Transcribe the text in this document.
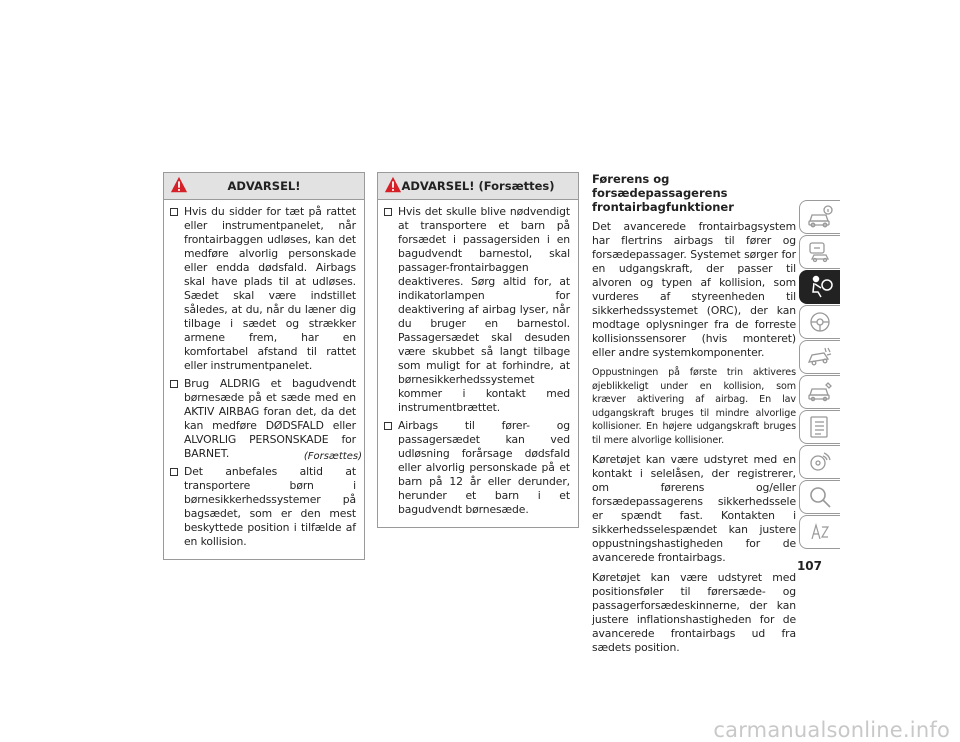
ADVARSEL!
Hvis du sidder for tæt på rattet eller instrumentpanelet, når frontairbaggen udløses, kan det medføre alvorlig personskade eller endda dødsfald. Airbags skal have plads til at udløses. Sædet skal være indstillet således, at du, når du læner dig tilbage i sædet og strækker armene frem, har en komfortabel afstand til rattet eller instrumentpanelet.
Brug ALDRIG et bagudvendt børnesæde på et sæde med en AKTIV AIRBAG foran det, da det kan medføre DØDSFALD eller ALVORLIG PERSONSKADE for BARNET.
Det anbefales altid at transportere børn i børnesikkerhedssystemer på bagsædet, som er den mest beskyttede position i tilfælde af en kollision.
(Forsættes)
ADVARSEL! (Forsættes)
Hvis det skulle blive nødvendigt at transportere et barn på forsædet i passagersiden i en bagudvendt barnestol, skal passager-frontairbaggen deaktiveres. Sørg altid for, at indikatorlampen for deaktivering af airbag lyser, når du bruger en barnestol. Passagersædet skal desuden være skubbet så langt tilbage som muligt for at forhindre, at børnesikkerhedssystemet kommer i kontakt med instrumentbrættet.
Airbags til fører- og passagersædet kan ved udløsning forårsage dødsfald eller alvorlig personskade på et barn på 12 år eller derunder, herunder et barn i et bagudvendt børnesæde.
Førerens og forsædepassagerens frontairbagfunktioner

Det avancerede frontairbagsystem har flertrins airbags til fører og forsædepassager. Systemet sørger for en udgangskraft, der passer til alvoren og typen af kollision, som vurderes af styreenheden til sikkerhedssystemet (ORC), der kan modtage oplysninger fra de forreste kollisionssensorer (hvis monteret) eller andre systemkomponenter.

Oppustningen på første trin aktiveres øjeblikkeligt under en kollision, som kræver aktivering af airbag. En lav udgangskraft bruges til mindre alvorlige kollisioner. En højere udgangskraft bruges til mere alvorlige kollisioner.

Køretøjet kan være udstyret med en kontakt i selelåsen, der registrerer, om førerens og/eller forsædepassagerens sikkerhedssele er spændt fast. Kontakten i sikkerhedsselespændet kan justere oppustningshastigheden for de avancerede frontairbags.

Køretøjet kan være udstyret med positionsføler til førersæde- og passagerforsædeskinnerne, der kan justere inflationshastigheden for de avancerede frontairbags ud fra sædets position.

107
carmanualsonline.info
